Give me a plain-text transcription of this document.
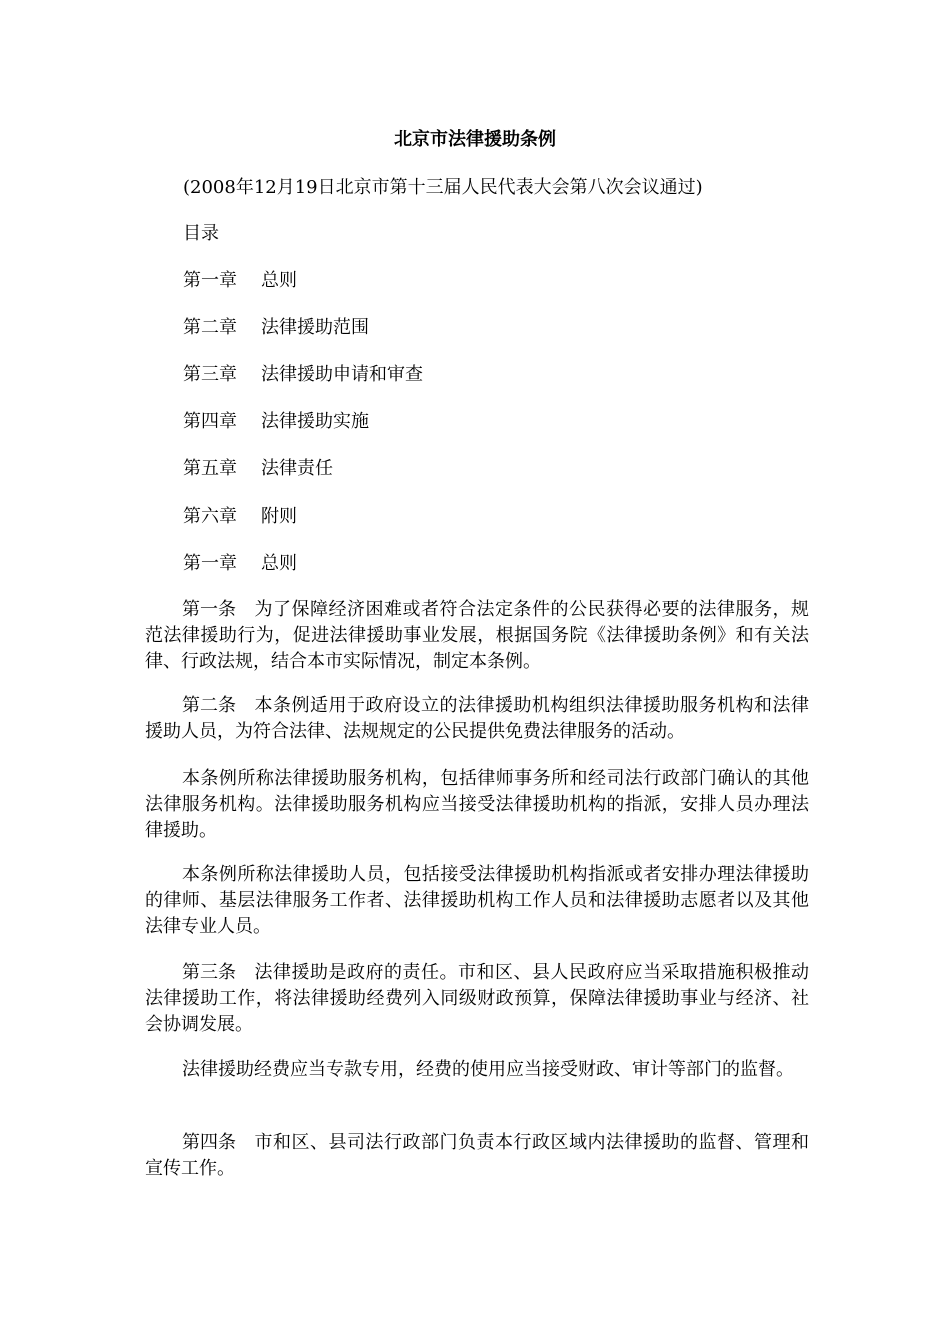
北京市法律援助条例
(2008年12月19日北京市第十三届人民代表大会第八次会议通过)
目录
第一章 总则
第二章 法律援助范围
第三章 法律援助申请和审查
第四章 法律援助实施
第五章 法律责任
第六章 附则
第一章 总则
第一条 为了保障经济困难或者符合法定条件的公民获得必要的法律服务，规范法律援助行为，促进法律援助事业发展，根据国务院《法律援助条例》和有关法律、行政法规，结合本市实际情况，制定本条例。
第二条 本条例适用于政府设立的法律援助机构组织法律援助服务机构和法律援助人员，为符合法律、法规规定的公民提供免费法律服务的活动。
本条例所称法律援助服务机构，包括律师事务所和经司法行政部门确认的其他法律服务机构。法律援助服务机构应当接受法律援助机构的指派，安排人员办理法律援助。
本条例所称法律援助人员，包括接受法律援助机构指派或者安排办理法律援助的律师、基层法律服务工作者、法律援助机构工作人员和法律援助志愿者以及其他法律专业人员。
第三条 法律援助是政府的责任。市和区、县人民政府应当采取措施积极推动法律援助工作，将法律援助经费列入同级财政预算，保障法律援助事业与经济、社会协调发展。
法律援助经费应当专款专用，经费的使用应当接受财政、审计等部门的监督。
第四条 市和区、县司法行政部门负责本行政区域内法律援助的监督、管理和宣传工作。
